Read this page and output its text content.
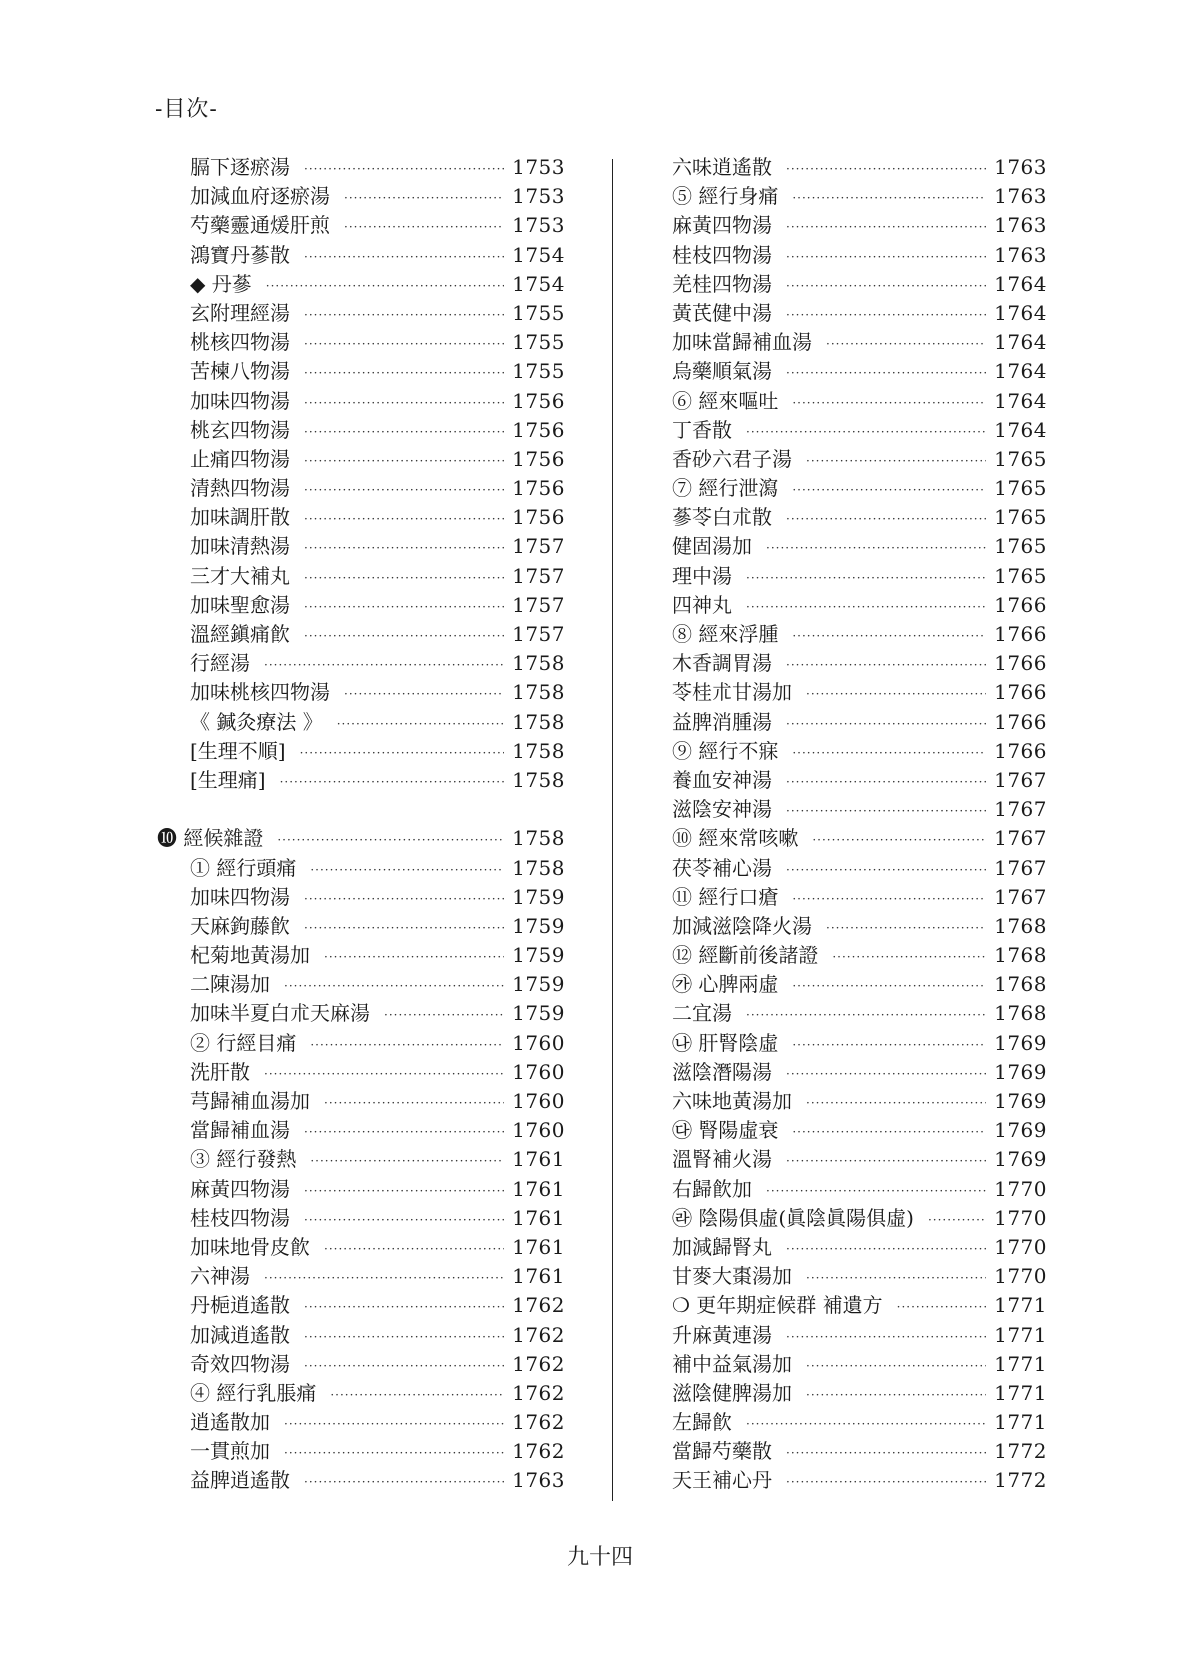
-目次-
膈下逐瘀湯 ·····	1753
加減血府逐瘀湯 ·····	1753
芍藥靈通煖肝煎 ·····	1753
鴻寶丹蔘散 ·····	1754
◆ 丹蔘 ·····	1754
玄附理經湯 ·····	1755
桃核四物湯 ·····	1755
苦楝八物湯 ·····	1755
加味四物湯 ·····	1756
桃玄四物湯 ·····	1756
止痛四物湯 ·····	1756
清熱四物湯 ·····	1756
加味調肝散 ·····	1756
加味清熱湯 ·····	1757
三才大補丸 ·····	1757
加味聖愈湯 ·····	1757
溫經鎭痛飮 ·····	1757
行經湯 ·····	1758
加味桃核四物湯 ·····	1758
《 鍼灸療法 》 ·····	1758
[生理不順] ·····	1758
[生理痛] ·····	1758
❿ 經候雜證 ·····	1758
① 經行頭痛 ·····	1758
加味四物湯 ·····	1759
天麻鉤藤飮 ·····	1759
杞菊地黃湯加 ·····	1759
二陳湯加 ·····	1759
加味半夏白朮天麻湯 ·····	1759
② 行經目痛 ·····	1760
洗肝散 ·····	1760
芎歸補血湯加 ·····	1760
當歸補血湯 ·····	1760
③ 經行發熱 ·····	1761
麻黃四物湯 ·····	1761
桂枝四物湯 ·····	1761
加味地骨皮飮 ·····	1761
六神湯 ·····	1761
丹梔逍遙散 ·····	1762
加減逍遙散 ·····	1762
奇效四物湯 ·····	1762
④ 經行乳脹痛 ·····	1762
逍遙散加 ·····	1762
一貫煎加 ·····	1762
益脾逍遙散 ·····	1763
六味逍遙散 ·····	1763
⑤ 經行身痛 ·····	1763
麻黃四物湯 ·····	1763
桂枝四物湯 ·····	1763
羌桂四物湯 ·····	1764
黃芪健中湯 ·····	1764
加味當歸補血湯 ·····	1764
烏藥順氣湯 ·····	1764
⑥ 經來嘔吐 ·····	1764
丁香散 ·····	1764
香砂六君子湯 ·····	1765
⑦ 經行泄瀉 ·····	1765
蔘苓白朮散 ·····	1765
健固湯加 ·····	1765
理中湯 ·····	1765
四神丸 ·····	1766
⑧ 經來浮腫 ·····	1766
木香調胃湯 ·····	1766
苓桂朮甘湯加 ·····	1766
益脾消腫湯 ·····	1766
⑨ 經行不寐 ·····	1766
養血安神湯 ·····	1767
滋陰安神湯 ·····	1767
⑩ 經來常咳嗽 ·····	1767
茯苓補心湯 ·····	1767
⑪ 經行口瘡 ·····	1767
加減滋陰降火湯 ·····	1768
⑫ 經斷前後諸證 ·····	1768
㉮ 心脾兩虛 ·····	1768
二宜湯 ·····	1768
㉯ 肝腎陰虛 ·····	1769
滋陰潛陽湯 ·····	1769
六味地黃湯加 ·····	1769
㉰ 腎陽虛衰 ·····	1769
溫腎補火湯 ·····	1769
右歸飮加 ·····	1770
㉱ 陰陽俱虛(眞陰眞陽俱虛) ·····	1770
加減歸腎丸 ·····	1770
甘麥大棗湯加 ·····	1770
❍ 更年期症候群 補遺方 ·····	1771
升麻黃連湯 ·····	1771
補中益氣湯加 ·····	1771
滋陰健脾湯加 ·····	1771
左歸飮 ·····	1771
當歸芍藥散 ·····	1772
天王補心丹 ·····	1772
九十四
